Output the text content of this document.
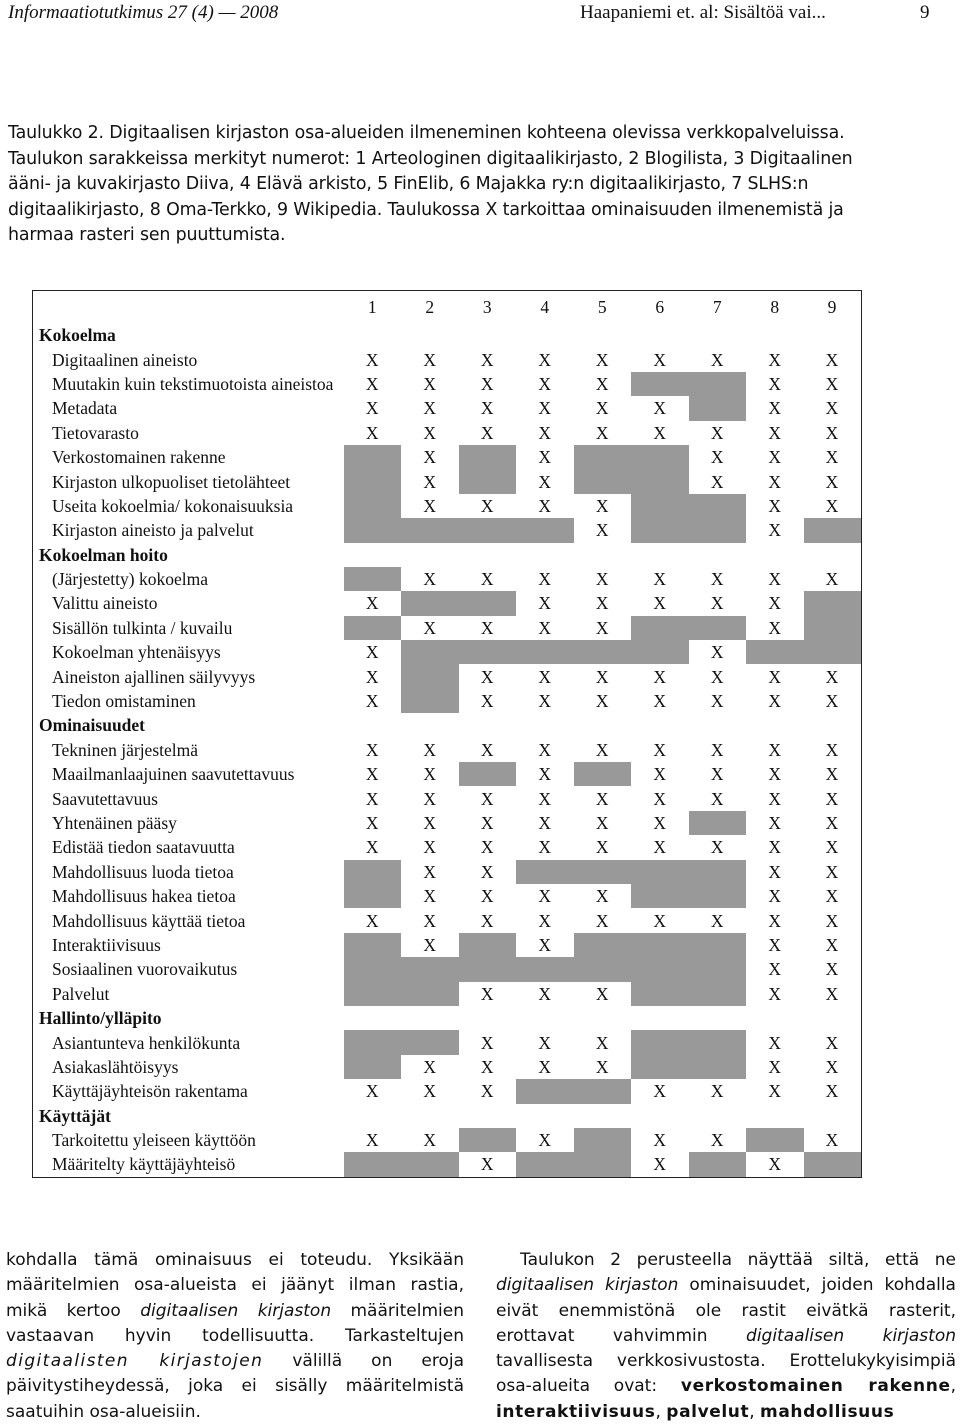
Informaatiotutkimus 27 (4) — 2008	Haapaniemi et. al: Sisältöä vai...	9

Taulukko 2. Digitaalisen kirjaston osa-alueiden ilmeneminen kohteena olevissa verkkopalveluissa.

Taulukon sarakkeissa merkityt numerot: 1 Arteologinen digitaalikirjasto, 2 Blogilista, 3 Digitaalinen

ääni- ja kuvakirjasto Diiva, 4 Elävä arkisto, 5 FinElib, 6 Majakka ry:n digitaalikirjasto, 7 SLHS:n

digitaalikirjasto, 8 Oma-Terkko, 9 Wikipedia. Taulukossa X tarkoittaa ominaisuuden ilmenemistä ja

harmaa rasteri sen puuttumista.

	1	2	3	4	5	6	7	8	9
Kokoelma									
Digitaalinen aineisto	X	X	X	X	X	X	X	X	X
Muutakin kuin tekstimuotoista aineistoa	X	X	X	X	X			X	X
Metadata	X	X	X	X	X	X		X	X
Tietovarasto	X	X	X	X	X	X	X	X	X
Verkostomainen rakenne		X		X			X	X	X
Kirjaston ulkopuoliset tietolähteet		X		X			X	X	X
Useita kokoelmia/ kokonaisuuksia		X	X	X	X			X	X
Kirjaston aineisto ja palvelut					X			X	
Kokoelman hoito									
(Järjestetty) kokoelma		X	X	X	X	X	X	X	X
Valittu aineisto	X			X	X	X	X	X	
Sisällön tulkinta / kuvailu		X	X	X	X			X	
Kokoelman yhtenäisyys	X						X		
Aineiston ajallinen säilyvyys	X		X	X	X	X	X	X	X
Tiedon omistaminen	X		X	X	X	X	X	X	X
Ominaisuudet									
Tekninen järjestelmä	X	X	X	X	X	X	X	X	X
Maailmanlaajuinen saavutettavuus	X	X		X		X	X	X	X
Saavutettavuus	X	X	X	X	X	X	X	X	X
Yhtenäinen pääsy	X	X	X	X	X	X		X	X
Edistää tiedon saatavuutta	X	X	X	X	X	X	X	X	X
Mahdollisuus luoda tietoa		X	X					X	X
Mahdollisuus hakea tietoa		X	X	X	X			X	X
Mahdollisuus käyttää tietoa	X	X	X	X	X	X	X	X	X
Interaktiivisuus		X		X				X	X
Sosiaalinen vuorovaikutus								X	X
Palvelut			X	X	X			X	X
Hallinto/ylläpito									
Asiantunteva henkilökunta			X	X	X			X	X
Asiakaslähtöisyys		X	X	X	X			X	X
Käyttäjäyhteisön rakentama	X	X	X			X	X	X	X
Käyttäjät									
Tarkoitettu yleiseen käyttöön	X	X		X		X	X		X
Määritelty käyttäjäyhteisö			X			X		X	

kohdalla tämä ominaisuus ei toteudu. Yksikään määritelmien osa-alueista ei jäänyt ilman rastia, mikä kertoo digitaalisen kirjaston määritelmien vastaavan hyvin todellisuutta. Tarkasteltujen digitaalisten kirjastojen välillä on eroja päivitystiheydessä, joka ei sisälly määritelmistä saatuihin osa-alueisiin.

Taulukon 2 perusteella näyttää siltä, että ne digitaalisen kirjaston ominaisuudet, joiden kohdalla eivät enemmistönä ole rastit eivätkä rasterit, erottavat vahvimmin digitaalisen kirjaston tavallisesta verkkosivustosta. Erottelukykyisimpiä osa-alueita ovat: verkostomainen rakenne, interaktiivisuus, palvelut, mahdollisuus
